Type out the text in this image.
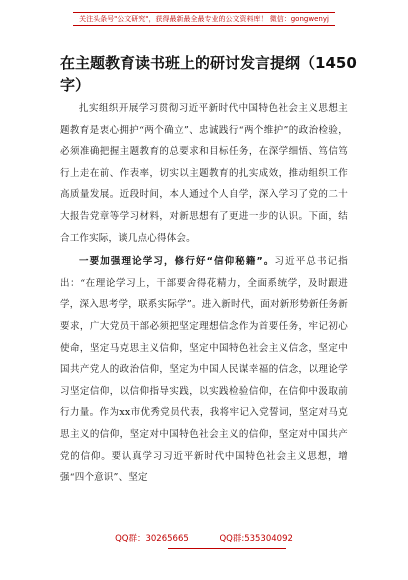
关注头条号"公文研究"，获得最新最全最专业的公文资料库！ 微信：gongwenyj
在主题教育读书班上的研讨发言提纲（1450字）

扎实组织开展学习贯彻习近平新时代中国特色社会主义思想主题教育是衷心拥护“两个确立”、忠诚践行“两个维护”的政治检验，必须准确把握主题教育的总要求和目标任务，在深学细悟、笃信笃行上走在前、作表率，切实以主题教育的扎实成效，推动组织工作高质量发展。近段时间，本人通过个人自学，深入学习了党的二十大报告党章等学习材料，对新思想有了更进一步的认识。下面，结合工作实际，谈几点心得体会。

一要加强理论学习，修行好“信仰秘籍”。习近平总书记指出：“在理论学习上，干部要舍得花精力，全面系统学，及时跟进学，深入思考学，联系实际学”。进入新时代，面对新形势新任务新要求，广大党员干部必须把坚定理想信念作为首要任务，牢记初心使命，坚定马克思主义信仰，坚定中国特色社会主义信念，坚定中国共产党人的政治信仰，坚定为中国人民谋幸福的信念，以理论学习坚定信仰，以信仰指导实践，以实践检验信仰，在信仰中汲取前行力量。作为xx市优秀党员代表，我将牢记入党誓词，坚定对马克思主义的信仰，坚定对中国特色社会主义的信仰，坚定对中国共产党的信仰。要认真学习习近平新时代中国特色社会主义思想，增强“四个意识”、坚定

QQ群：30265665	QQ群:535304092
